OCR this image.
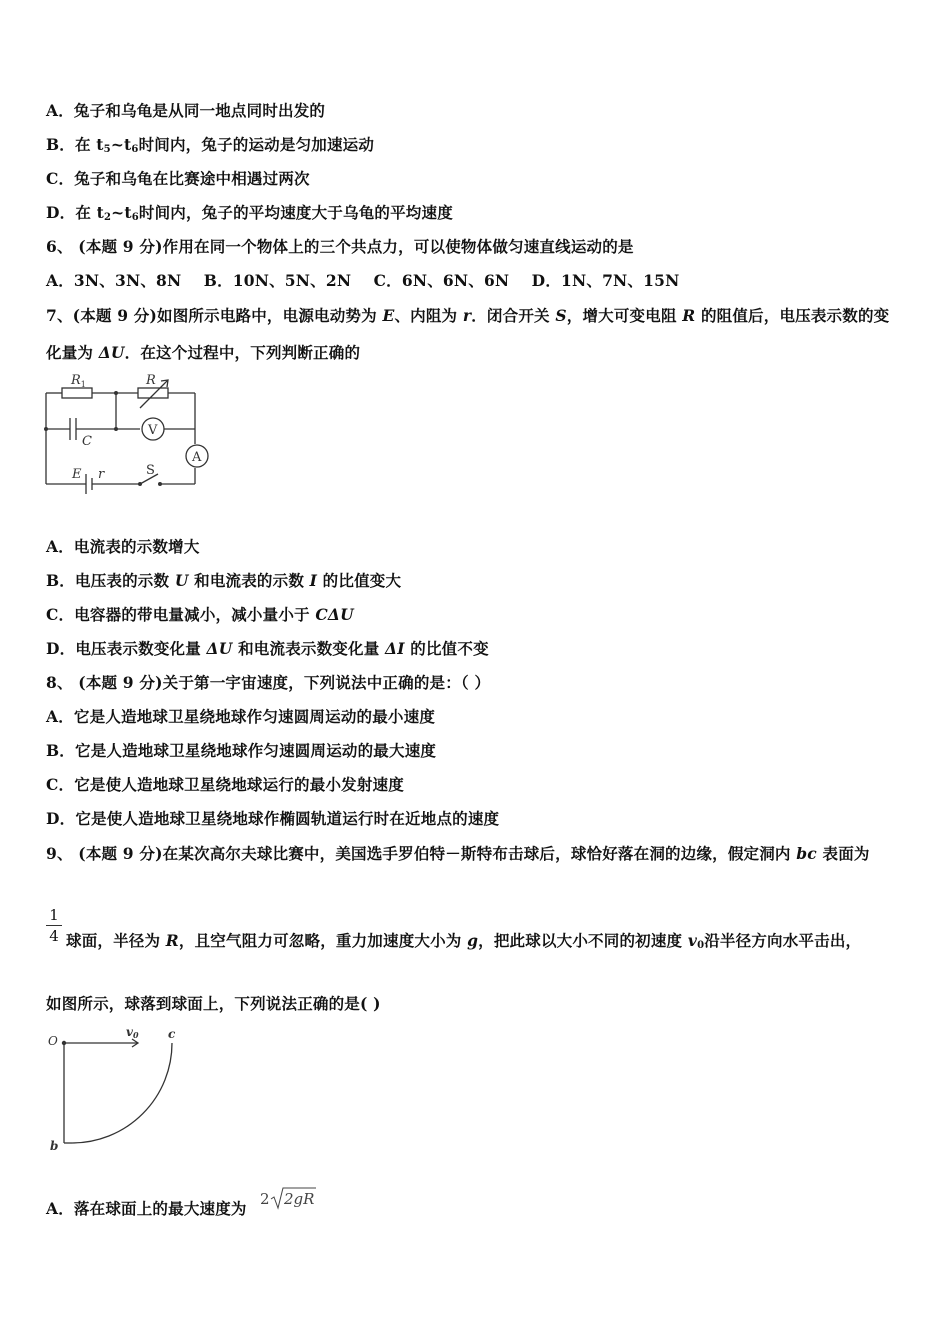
A．兔子和乌龟是从同一地点同时出发的
B．在 $t_5\sim t_6$时间内，兔子的运动是匀加速运动
C．兔子和乌龟在比赛途中相遇过两次
D．在 $t_2\sim t_6$时间内，兔子的平均速度大于乌龟的平均速度
6、 (本题 9 分)作用在同一个物体上的三个共点力，可以使物体做匀速直线运动的是
A．3N、3N、8N    B．10N、5N、2N    C．6N、6N、6N    D．1N、7N、15N
7、(本题 9 分)如图所示电路中，电源电动势为 E、内阻为 r．闭合开关 S，增大可变电阻 R 的阻值后，电压表示数的变
化量为 ΔU．在这个过程中，下列判断正确的
$R_1$	R
C
E r	S
V
A
A．电流表的示数增大
B．电压表的示数 U 和电流表的示数 I 的比值变大
C．电容器的带电量减小，减小量小于 CΔU
D．电压表示数变化量 ΔU 和电流表示数变化量 ΔI 的比值不变
8、 (本题 9 分)关于第一宇宙速度，下列说法中正确的是：（ ）
A．它是人造地球卫星绕地球作匀速圆周运动的最小速度
B．它是人造地球卫星绕地球作匀速圆周运动的最大速度
C．它是使人造地球卫星绕地球运行的最小发射速度
D．它是使人造地球卫星绕地球作椭圆轨道运行时在近地点的速度
9、 (本题 9 分)在某次高尔夫球比赛中，美国选手罗伯特－斯特布击球后，球恰好落在洞的边缘，假定洞内 bc 表面为
1
4 球面，半径为 R，且空气阻力可忽略，重力加速度大小为 g，把此球以大小不同的初速度 $v_0$沿半径方向水平击出，
如图所示，球落到球面上，下列说法正确的是( )
O
v0 c
b
A．落在球面上的最大速度为 2 2gR
